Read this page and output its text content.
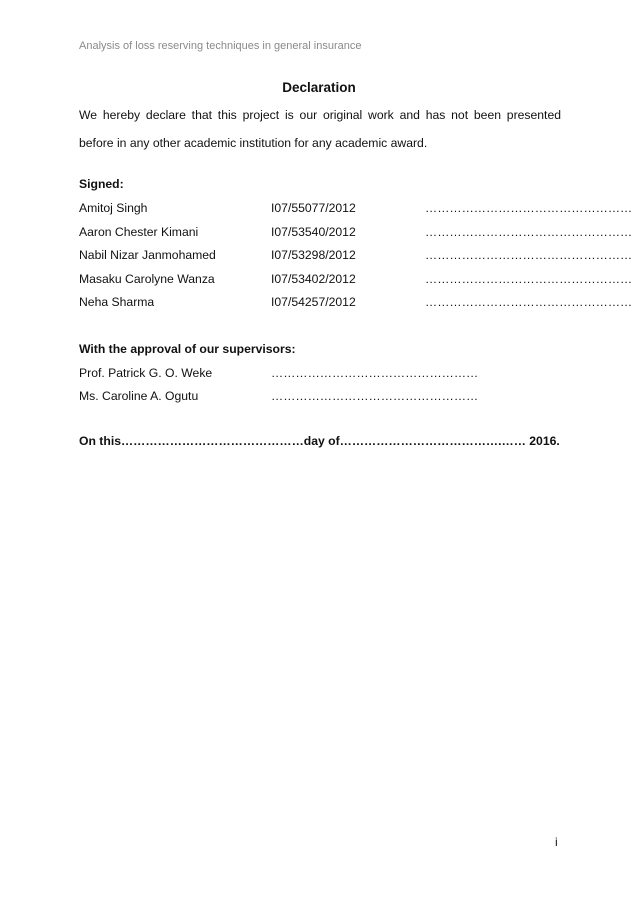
Analysis of loss reserving techniques in general insurance
Declaration
We hereby declare that this project is our original work and has not been presented before in any other academic institution for any academic award.
Signed:
Amitoj Singh	I07/55077/2012	……………………………………………
Aaron Chester Kimani	I07/53540/2012	……………………………………………
Nabil Nizar Janmohamed	I07/53298/2012	……………………………………………
Masaku Carolyne Wanza	I07/53402/2012	……………………………………………
Neha Sharma	I07/54257/2012	……………………………………………
With the approval of our supervisors:
Prof. Patrick G. O. Weke	……………………………………………
Ms. Caroline A. Ogutu	……………………………………………
On this………………………………………day of………………………………….…… 2016.
i
